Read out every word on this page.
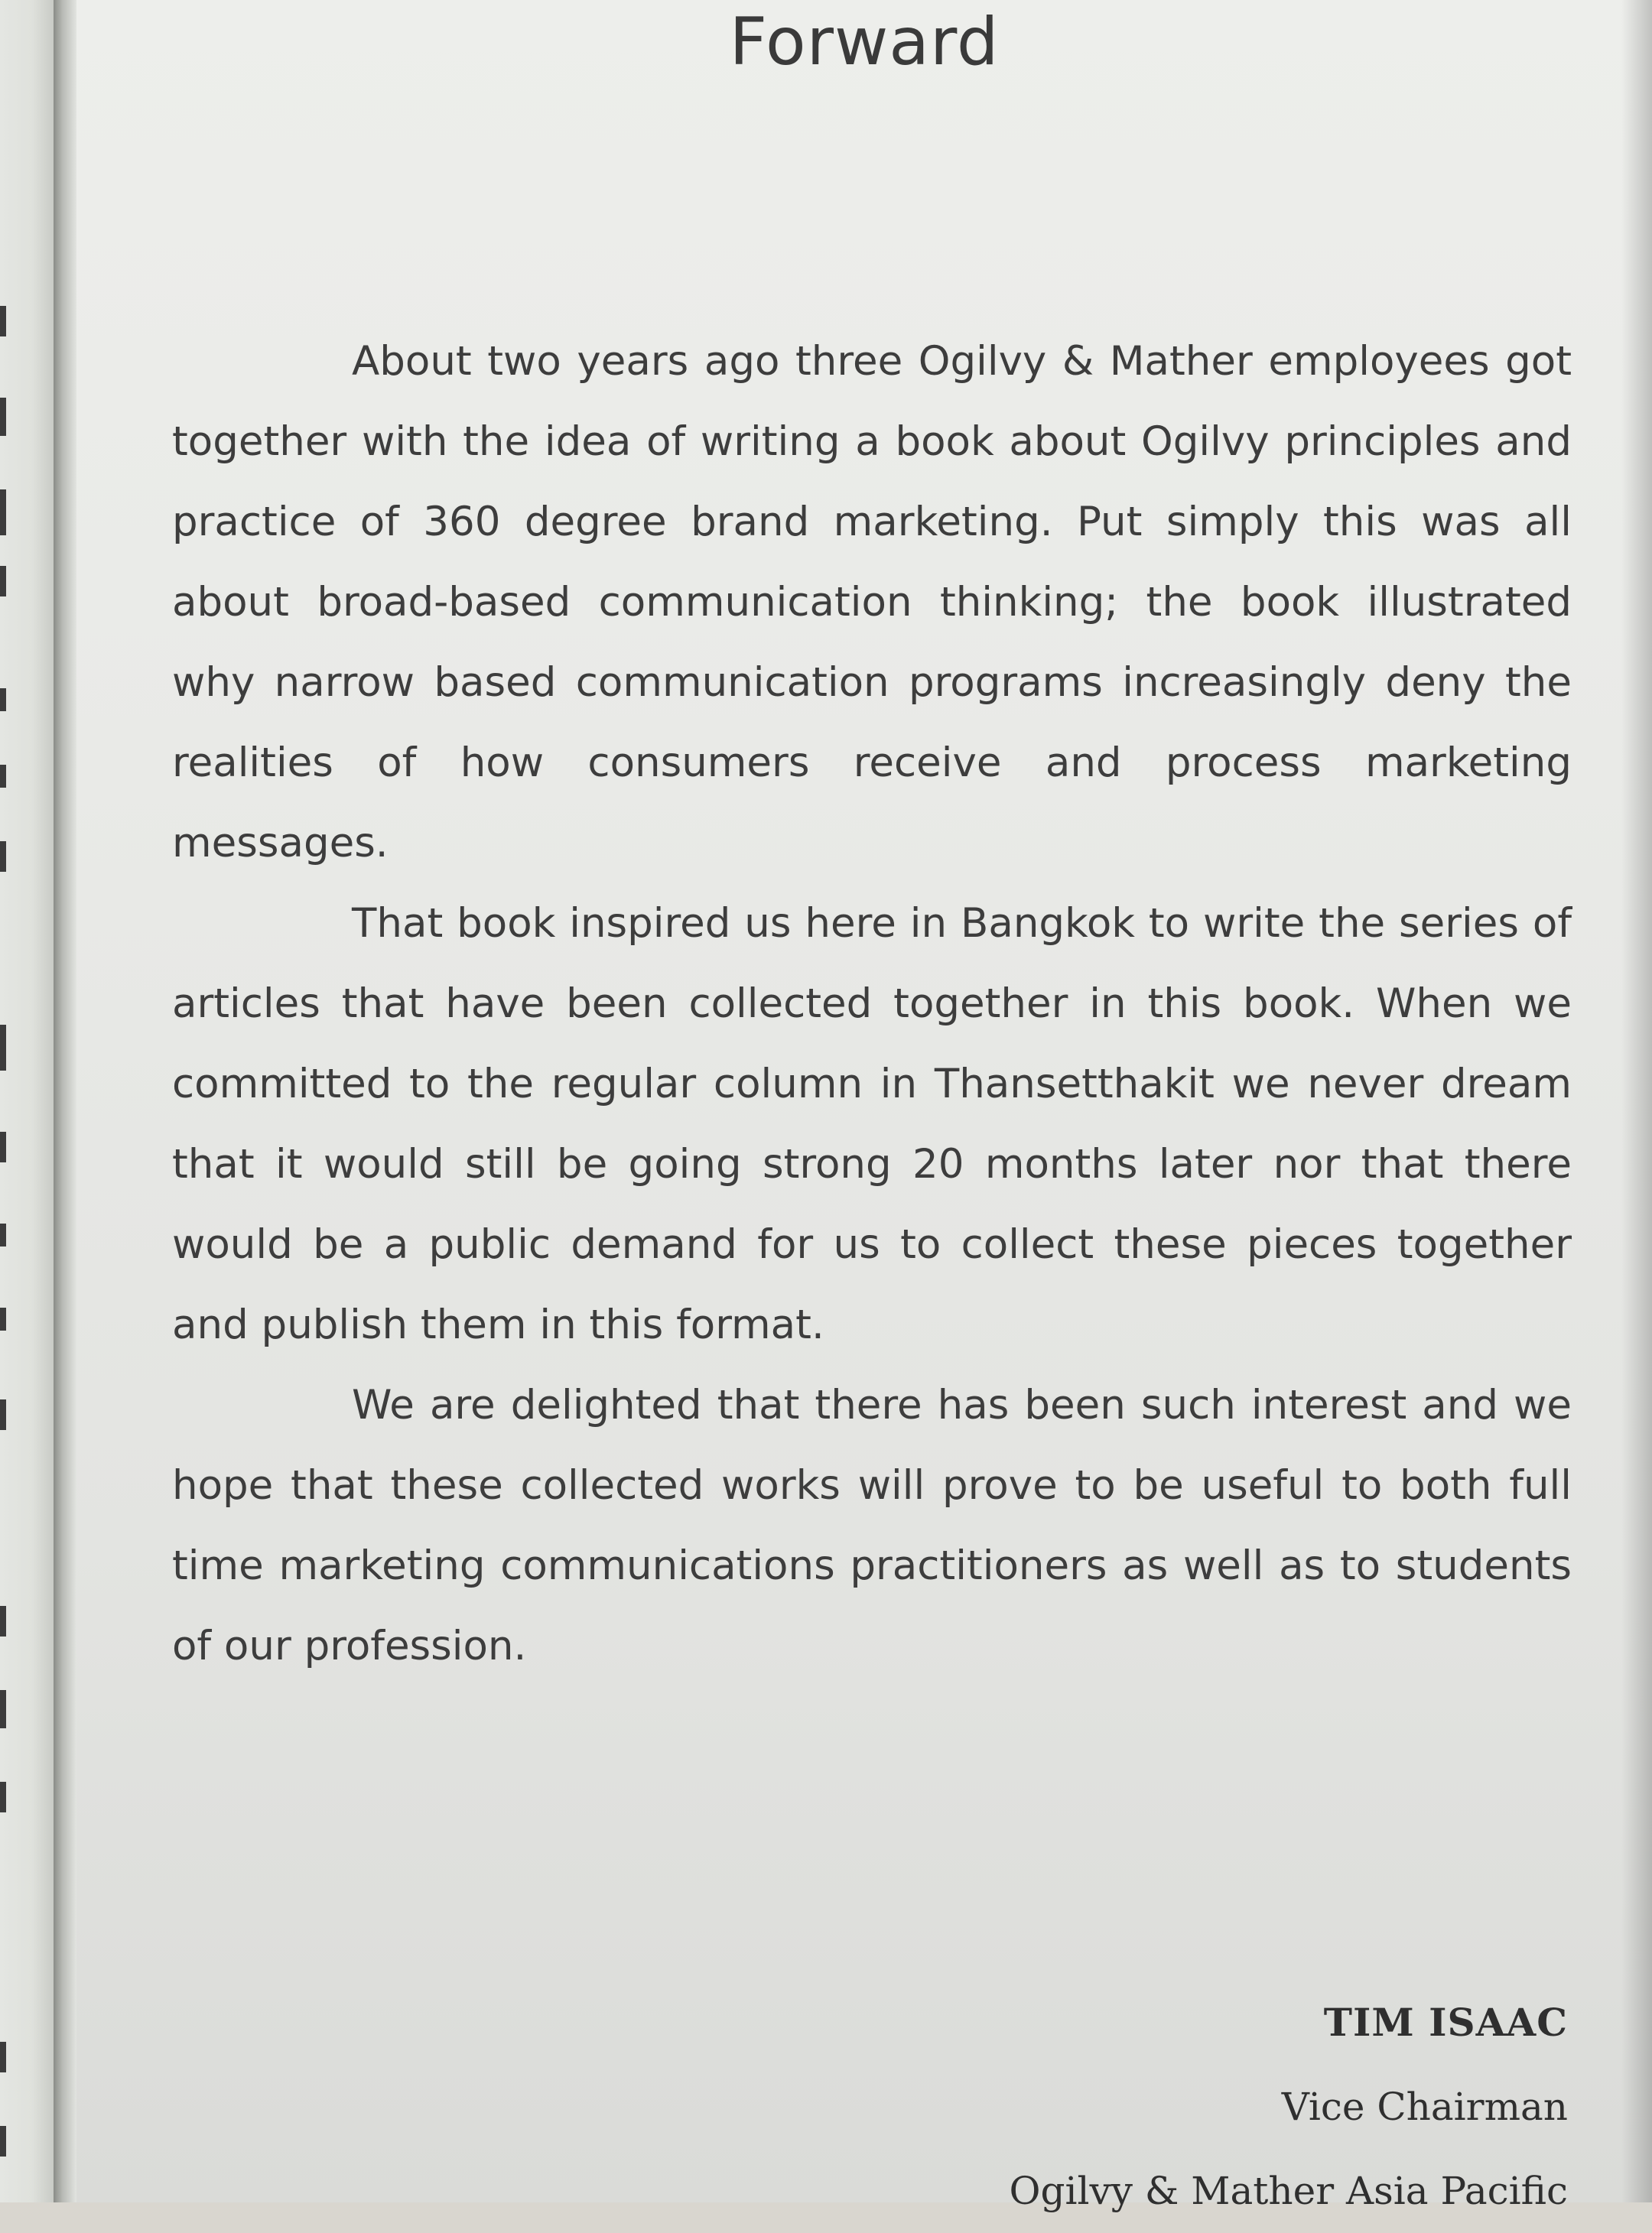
Forward

About two years ago three Ogilvy & Mather employees got together with the idea of writing a book about Ogilvy principles and practice of 360 degree brand marketing. Put simply this was all about broad-based communication thinking; the book illustrated why narrow based communication programs increasingly deny the realities of how consumers receive and process marketing messages.

That book inspired us here in Bangkok to write the series of articles that have been collected together in this book. When we committed to the regular column in Thansetthakit we never dream that it would still be going strong 20 months later nor that there would be a public demand for us to collect these pieces together and publish them in this format.

We are delighted that there has been such interest and we hope that these collected works will prove to be useful to both full time marketing communications practitioners as well as to students of our profession.

TIM ISAAC
Vice Chairman
Ogilvy & Mather Asia Pacific
